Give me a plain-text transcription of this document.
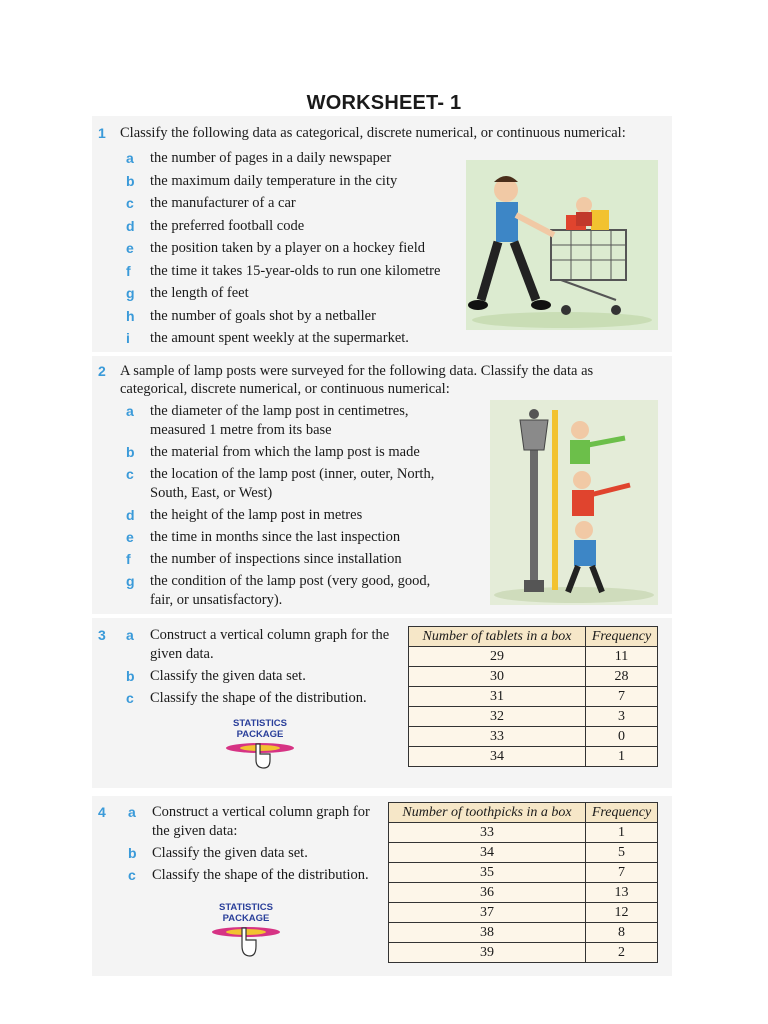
WORKSHEET- 1
1 Classify the following data as categorical, discrete numerical, or continuous numerical:
a the number of pages in a daily newspaper
b the maximum daily temperature in the city
c the manufacturer of a car
d the preferred football code
e the position taken by a player on a hockey field
f the time it takes 15-year-olds to run one kilometre
g the length of feet
h the number of goals shot by a netballer
i the amount spent weekly at the supermarket.
2 A sample of lamp posts were surveyed for the following data. Classify the data as
categorical, discrete numerical, or continuous numerical:
a the diameter of the lamp post in centimetres,
measured 1 metre from its base
b the material from which the lamp post is made
c the location of the lamp post (inner, outer, North,
South, East, or West)
d the height of the lamp post in metres
e the time in months since the last inspection
f the number of inspections since installation
g the condition of the lamp post (very good, good,
fair, or unsatisfactory).
3 a Construct a vertical column graph for the
given data.
b Classify the given data set.
c Classify the shape of the distribution.
STATISTICS
PACKAGE
Number of tablets in a box	Frequency
29	11
30	28
31	7
32	3
33	0
34	1
4 a Construct a vertical column graph for
the given data:
b Classify the given data set.
c Classify the shape of the distribution.
STATISTICS
PACKAGE
Number of toothpicks in a box	Frequency
33	1
34	5
35	7
36	13
37	12
38	8
39	2
